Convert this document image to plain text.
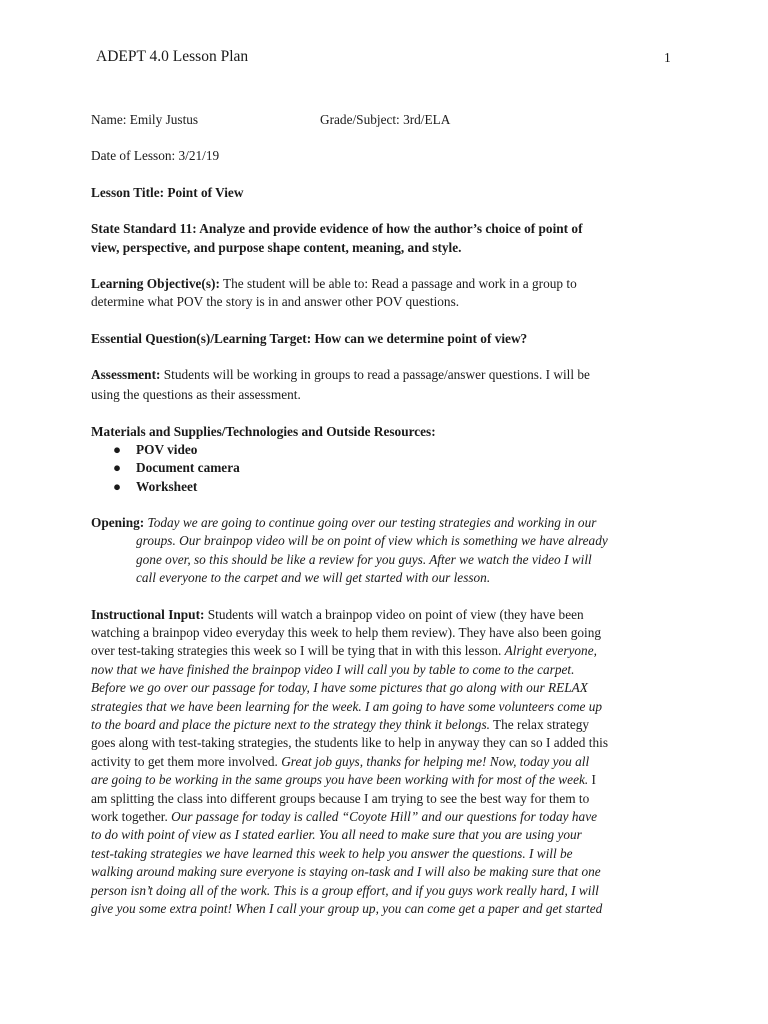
ADEPT 4.0 Lesson Plan	1
Name: Emily Justus	Grade/Subject: 3rd/ELA
Date of Lesson: 3/21/19
Lesson Title: Point of View
State Standard 11: Analyze and provide evidence of how the author’s choice of point of
view, perspective, and purpose shape content, meaning, and style.
Learning Objective(s): The student will be able to: Read a passage and work in a group to
determine what POV the story is in and answer other POV questions.
Essential Question(s)/Learning Target: How can we determine point of view?
Assessment: Students will be working in groups to read a passage/answer questions. I will be
using the questions as their assessment.
Materials and Supplies/Technologies and Outside Resources:
● POV video
● Document camera
● Worksheet
Opening: Today we are going to continue going over our testing strategies and working in our
groups. Our brainpop video will be on point of view which is something we have already
gone over, so this should be like a review for you guys. After we watch the video I will
call everyone to the carpet and we will get started with our lesson.
Instructional Input: Students will watch a brainpop video on point of view (they have been
watching a brainpop video everyday this week to help them review). They have also been going
over test-taking strategies this week so I will be tying that in with this lesson. Alright everyone,
now that we have finished the brainpop video I will call you by table to come to the carpet.
Before we go over our passage for today, I have some pictures that go along with our RELAX
strategies that we have been learning for the week. I am going to have some volunteers come up
to the board and place the picture next to the strategy they think it belongs. The relax strategy
goes along with test-taking strategies, the students like to help in anyway they can so I added this
activity to get them more involved. Great job guys, thanks for helping me! Now, today you all
are going to be working in the same groups you have been working with for most of the week. I
am splitting the class into different groups because I am trying to see the best way for them to
work together. Our passage for today is called “Coyote Hill” and our questions for today have
to do with point of view as I stated earlier. You all need to make sure that you are using your
test-taking strategies we have learned this week to help you answer the questions. I will be
walking around making sure everyone is staying on-task and I will also be making sure that one
person isn’t doing all of the work. This is a group effort, and if you guys work really hard, I will
give you some extra point! When I call your group up, you can come get a paper and get started
